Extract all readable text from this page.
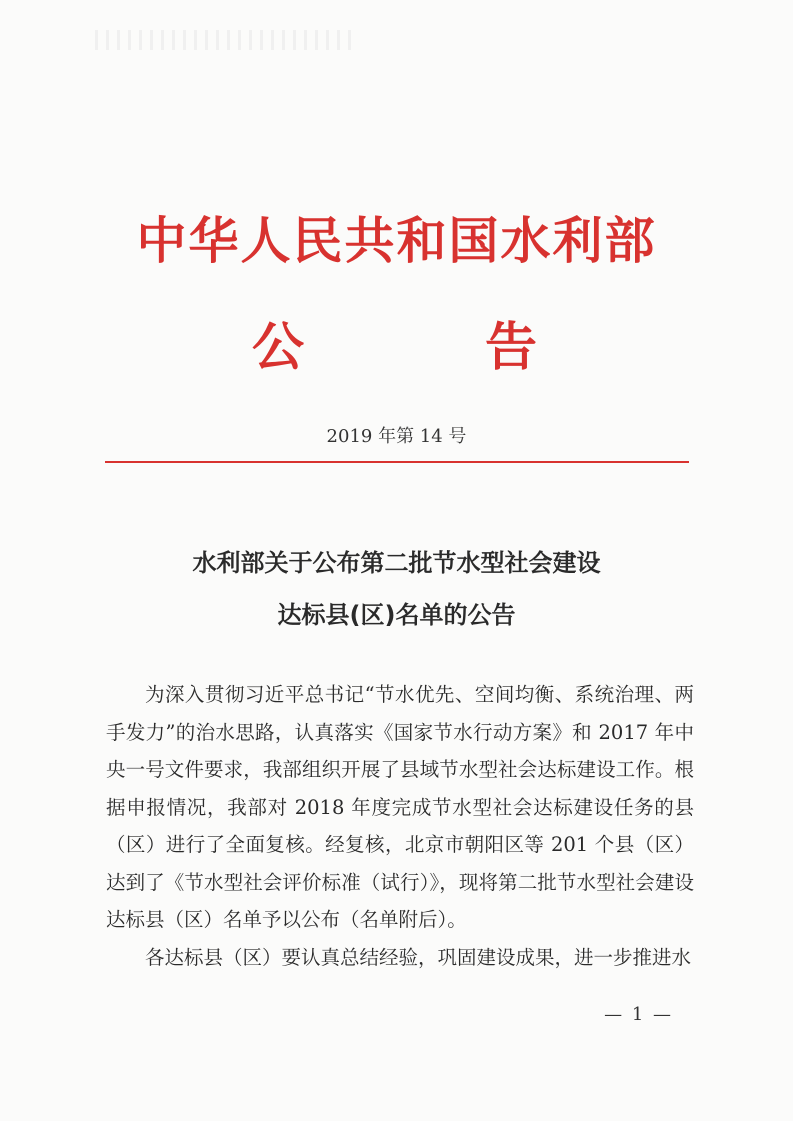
中华人民共和国水利部
公	告
2019 年第 14 号
水利部关于公布第二批节水型社会建设
达标县(区)名单的公告

为深入贯彻习近平总书记“节水优先、空间均衡、系统治理、两手发力”的治水思路，认真落实《国家节水行动方案》和 2017 年中央一号文件要求，我部组织开展了县域节水型社会达标建设工作。根据申报情况，我部对 2018 年度完成节水型社会达标建设任务的县（区）进行了全面复核。经复核，北京市朝阳区等 201 个县（区）达到了《节水型社会评价标准（试行）》，现将第二批节水型社会建设达标县（区）名单予以公布（名单附后）。

各达标县（区）要认真总结经验，巩固建设成果，进一步推进水

— 1 —
